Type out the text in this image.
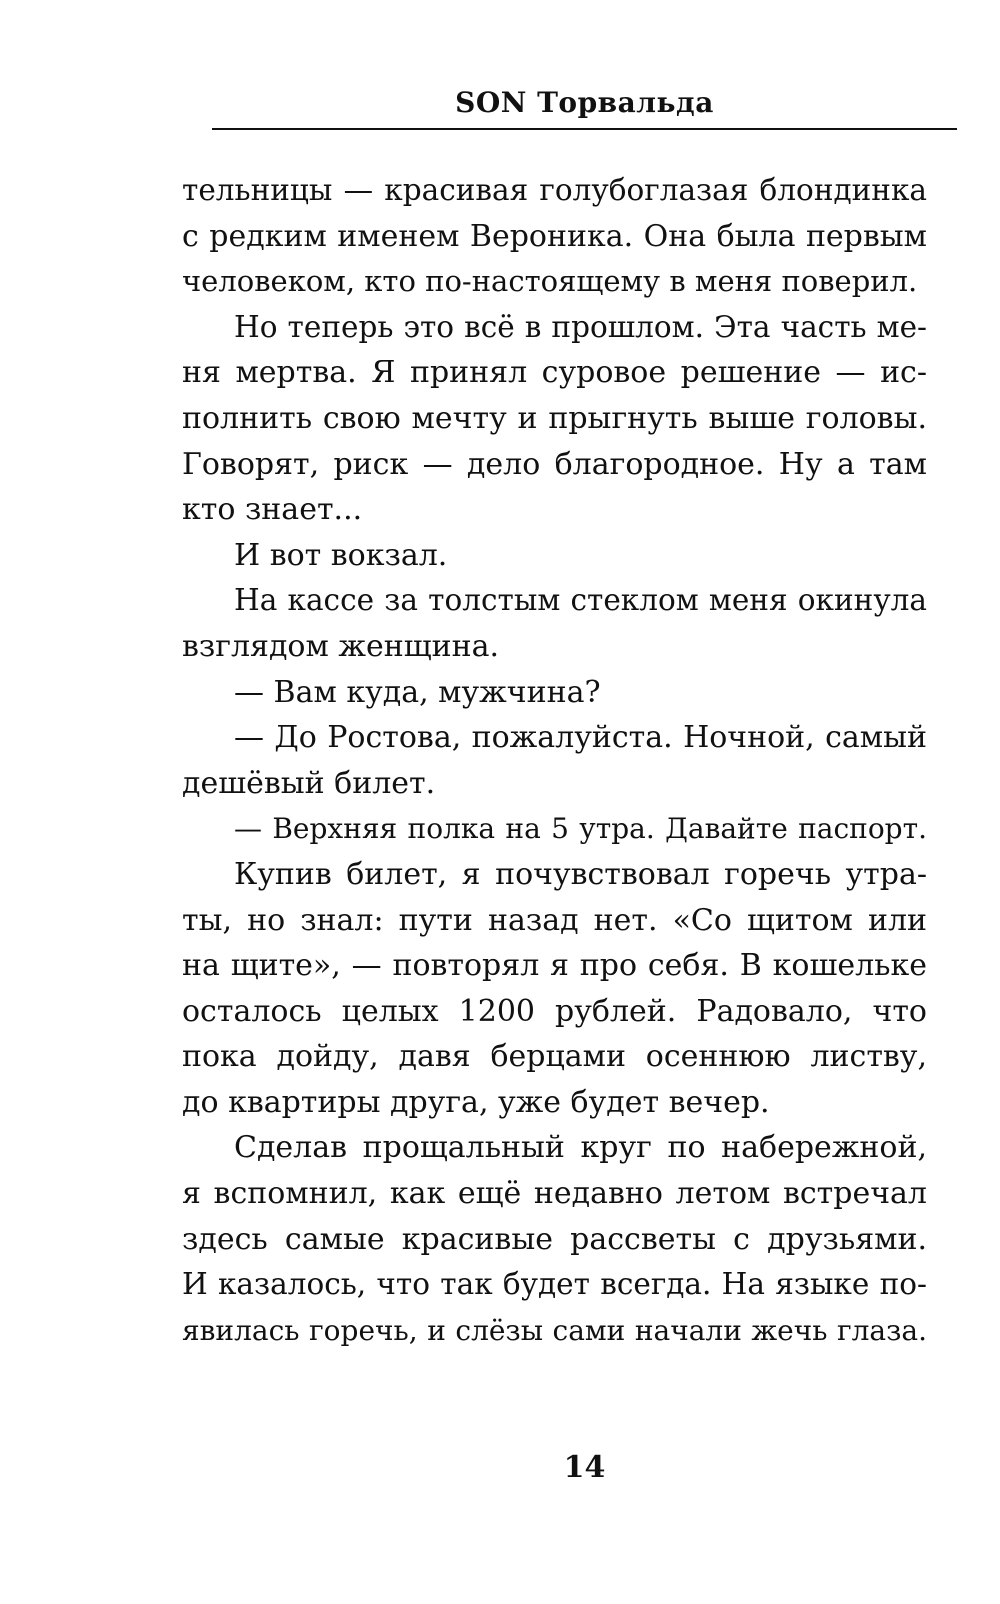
SON Торвальда
тельницы — красивая голубоглазая блондинка
с редким именем Вероника. Она была первым
человеком, кто по-настоящему в меня поверил.
Но теперь это всё в прошлом. Эта часть ме-
ня мертва. Я принял суровое решение — ис-
полнить свою мечту и прыгнуть выше головы.
Говорят, риск — дело благородное. Ну а там
кто знает...
И вот вокзал.
На кассе за толстым стеклом меня окинула
взглядом женщина.
— Вам куда, мужчина?
— До Ростова, пожалуйста. Ночной, самый
дешёвый билет.
— Верхняя полка на 5 утра. Давайте паспорт.
Купив билет, я почувствовал горечь утра-
ты, но знал: пути назад нет. «Со щитом или
на щите», — повторял я про себя. В кошельке
осталось целых 1200 рублей. Радовало, что
пока дойду, давя берцами осеннюю листву,
до квартиры друга, уже будет вечер.
Сделав прощальный круг по набережной,
я вспомнил, как ещё недавно летом встречал
здесь самые красивые рассветы с друзьями.
И казалось, что так будет всегда. На языке по-
явилась горечь, и слёзы сами начали жечь глаза.
14
